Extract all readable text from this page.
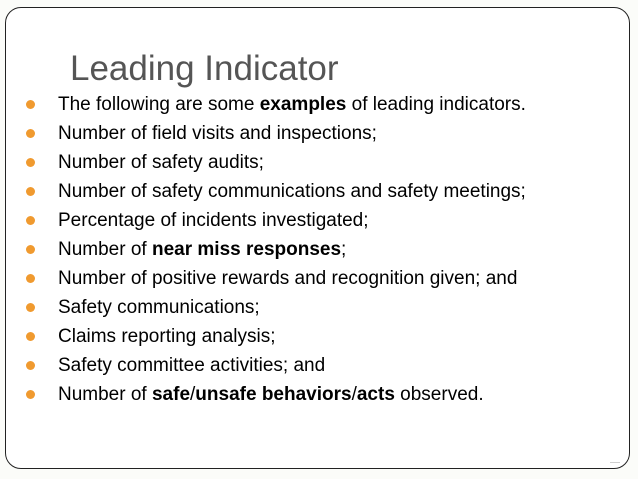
Leading Indicator
The following are some examples of leading indicators.
Number of field visits and inspections;
Number of safety audits;
Number of safety communications and safety meetings;
Percentage of incidents investigated;
Number of near miss responses;
Number of positive rewards and recognition given; and
Safety communications;
Claims reporting analysis;
Safety committee activities; and
Number of safe/unsafe behaviors/acts observed.
